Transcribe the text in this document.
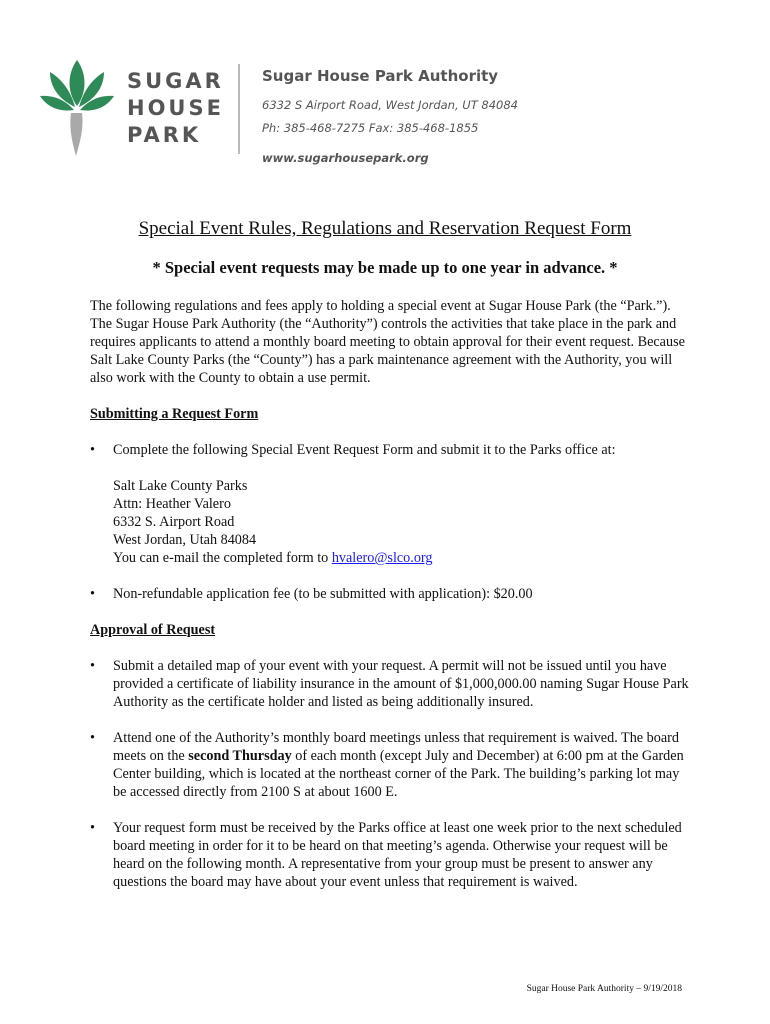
SUGAR
HOUSE
PARK
Sugar House Park Authority
6332 S Airport Road, West Jordan, UT 84084
Ph: 385-468-7275 Fax: 385-468-1855
www.sugarhousepark.org
Special Event Rules, Regulations and Reservation Request Form
* Special event requests may be made up to one year in advance. *

The following regulations and fees apply to holding a special event at Sugar House Park (the “Park.”). The Sugar House Park Authority (the “Authority”) controls the activities that take place in the park and requires applicants to attend a monthly board meeting to obtain approval for their event request. Because Salt Lake County Parks (the “County”) has a park maintenance agreement with the Authority, you will also work with the County to obtain a use permit.

Submitting a Request Form
• Complete the following Special Event Request Form and submit it to the Parks office at:
Salt Lake County Parks
Attn: Heather Valero
6332 S. Airport Road
West Jordan, Utah 84084
You can e-mail the completed form to hvalero@slco.org
• Non-refundable application fee (to be submitted with application): $20.00
Approval of Request
• Submit a detailed map of your event with your request. A permit will not be issued until you have provided a certificate of liability insurance in the amount of $1,000,000.00 naming Sugar House Park Authority as the certificate holder and listed as being additionally insured.
• Attend one of the Authority’s monthly board meetings unless that requirement is waived. The board meets on the second Thursday of each month (except July and December) at 6:00 pm at the Garden Center building, which is located at the northeast corner of the Park. The building’s parking lot may be accessed directly from 2100 S at about 1600 E.
• Your request form must be received by the Parks office at least one week prior to the next scheduled board meeting in order for it to be heard on that meeting’s agenda. Otherwise your request will be heard on the following month. A representative from your group must be present to answer any questions the board may have about your event unless that requirement is waived.
Sugar House Park Authority – 9/19/2018
